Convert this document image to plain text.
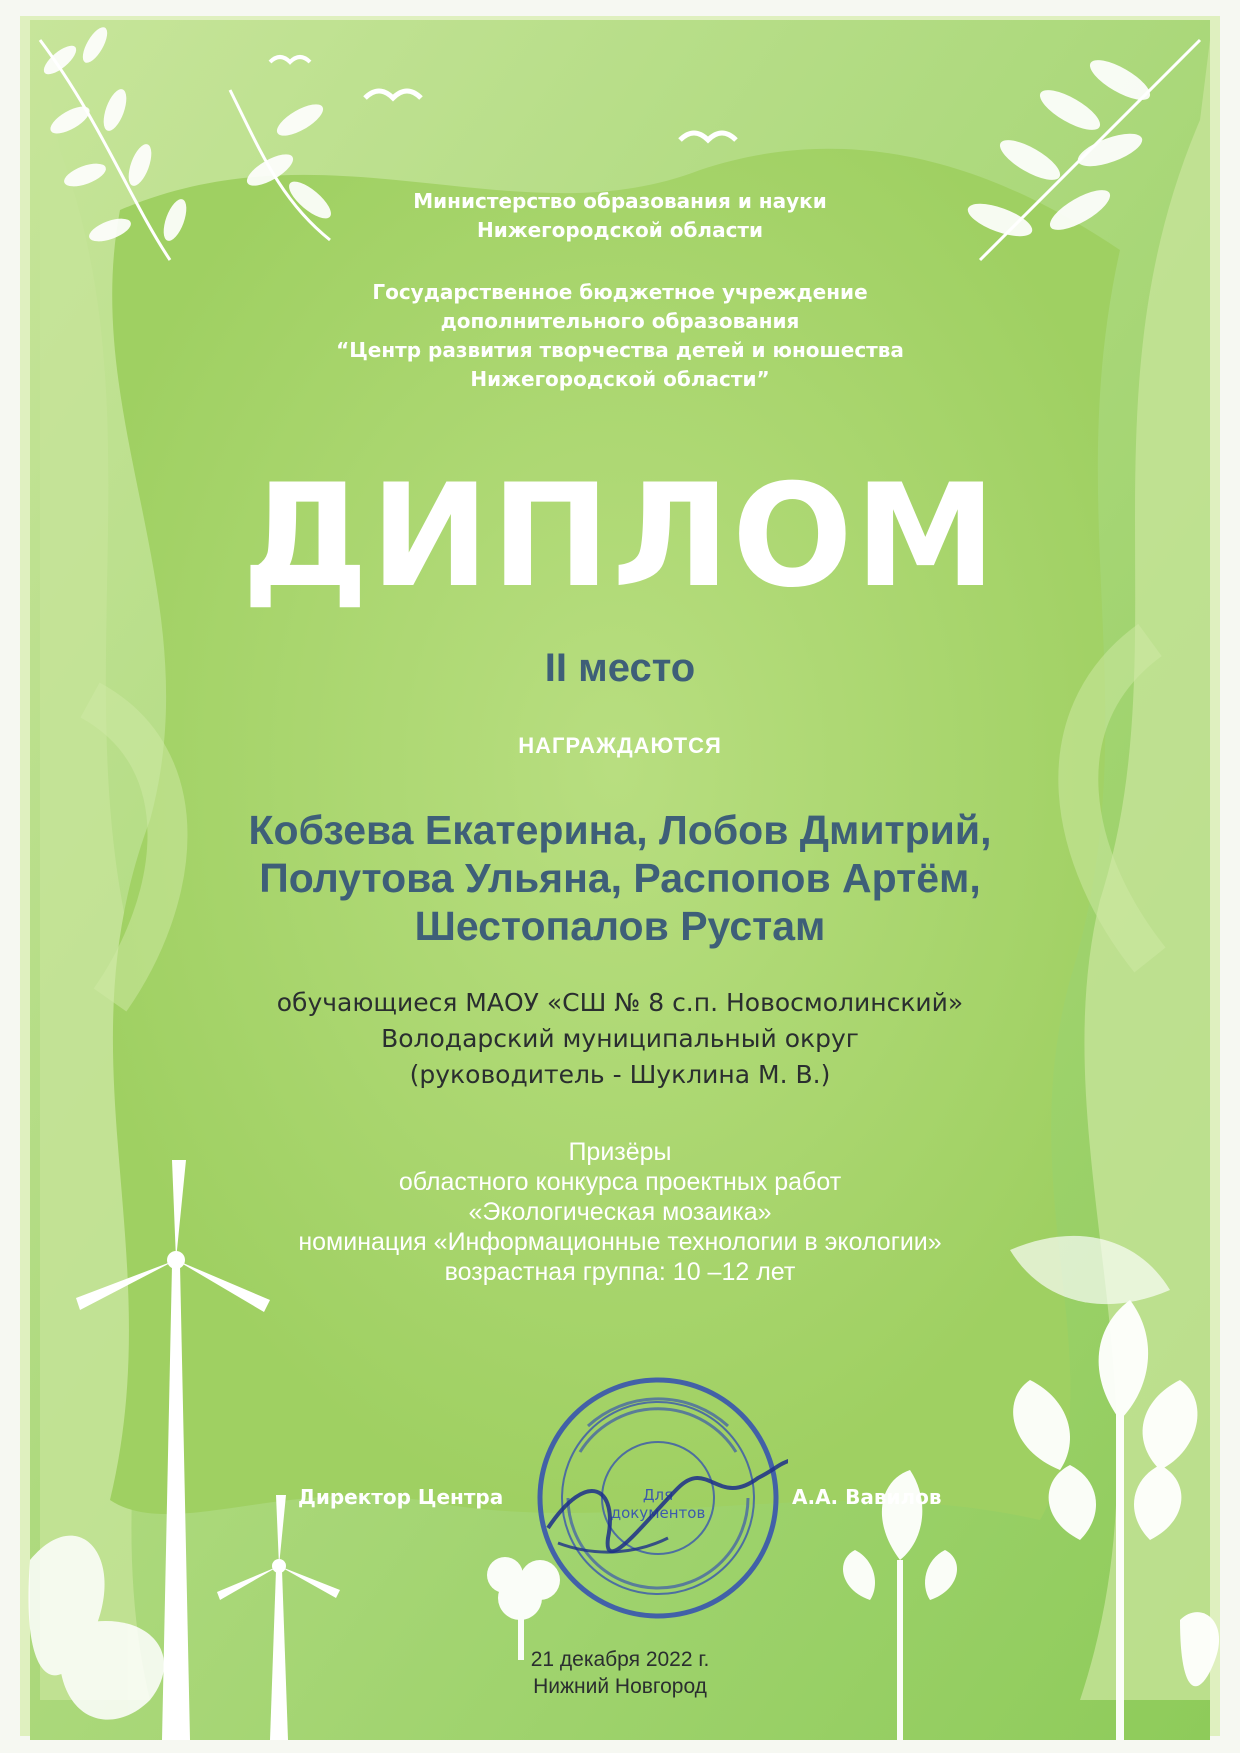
Министерство образования и науки
Нижегородской области
Государственное бюджетное учреждение
дополнительного образования
“Центр развития творчества детей и юношества
Нижегородской области”
ДИПЛОМ
II место
НАГРАЖДАЮТСЯ
Кобзева Екатерина, Лобов Дмитрий,
Полутова Ульяна, Распопов Артём,
Шестопалов Рустам
обучающиеся МАОУ «СШ № 8 с.п. Новосмолинский»
Володарский муниципальный округ
(руководитель - Шуклина М. В.)
Призёры
областного конкурса проектных работ
«Экологическая мозаика»
номинация «Информационные технологии в экологии»
возрастная группа: 10 –12 лет
Директор Центра	А.А. Вавилов
Для
документов
21 декабря 2022 г.
Нижний Новгород
